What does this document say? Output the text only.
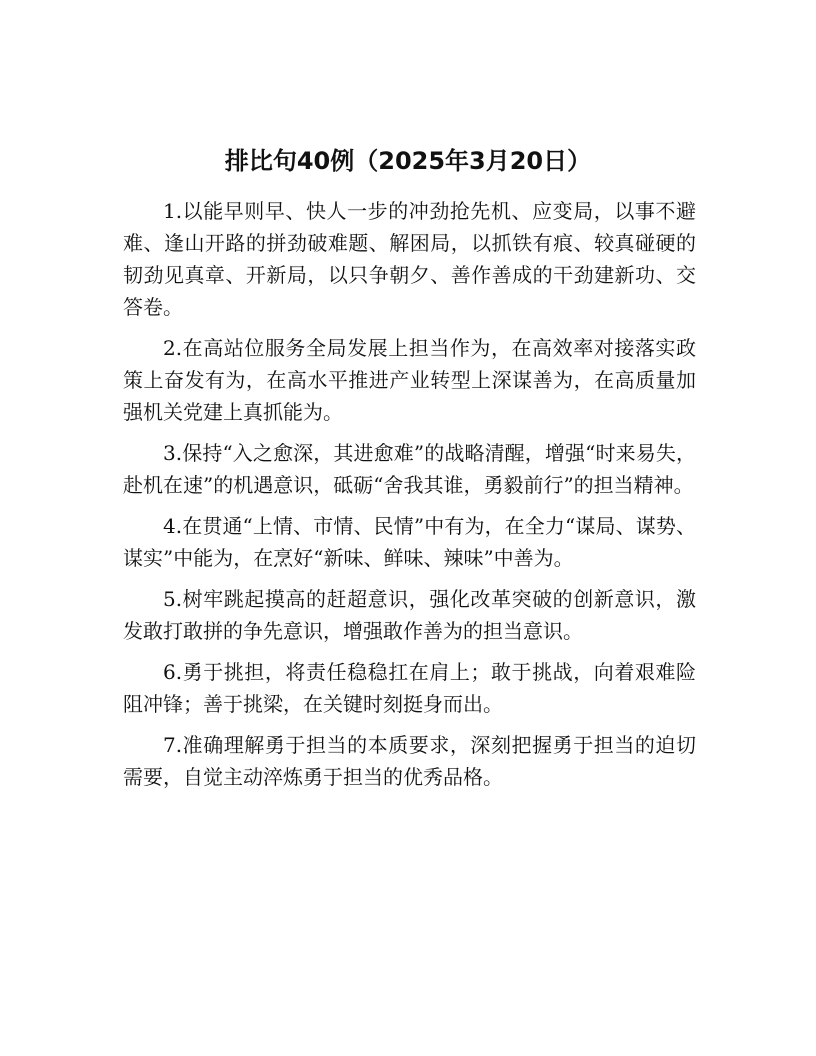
排比句40例（2025年3月20日）

1.以能早则早、快人一步的冲劲抢先机、应变局，以事不避难、逢山开路的拼劲破难题、解困局，以抓铁有痕、较真碰硬的韧劲见真章、开新局，以只争朝夕、善作善成的干劲建新功、交答卷。

2.在高站位服务全局发展上担当作为，在高效率对接落实政策上奋发有为，在高水平推进产业转型上深谋善为，在高质量加强机关党建上真抓能为。

3.保持“入之愈深，其进愈难”的战略清醒，增强“时来易失，赴机在速”的机遇意识，砥砺“舍我其谁，勇毅前行”的担当精神。

4.在贯通“上情、市情、民情”中有为，在全力“谋局、谋势、谋实”中能为，在烹好“新味、鲜味、辣味”中善为。

5.树牢跳起摸高的赶超意识，强化改革突破的创新意识，激发敢打敢拼的争先意识，增强敢作善为的担当意识。

6.勇于挑担，将责任稳稳扛在肩上；敢于挑战，向着艰难险阻冲锋；善于挑梁，在关键时刻挺身而出。

7.准确理解勇于担当的本质要求，深刻把握勇于担当的迫切需要，自觉主动淬炼勇于担当的优秀品格。
